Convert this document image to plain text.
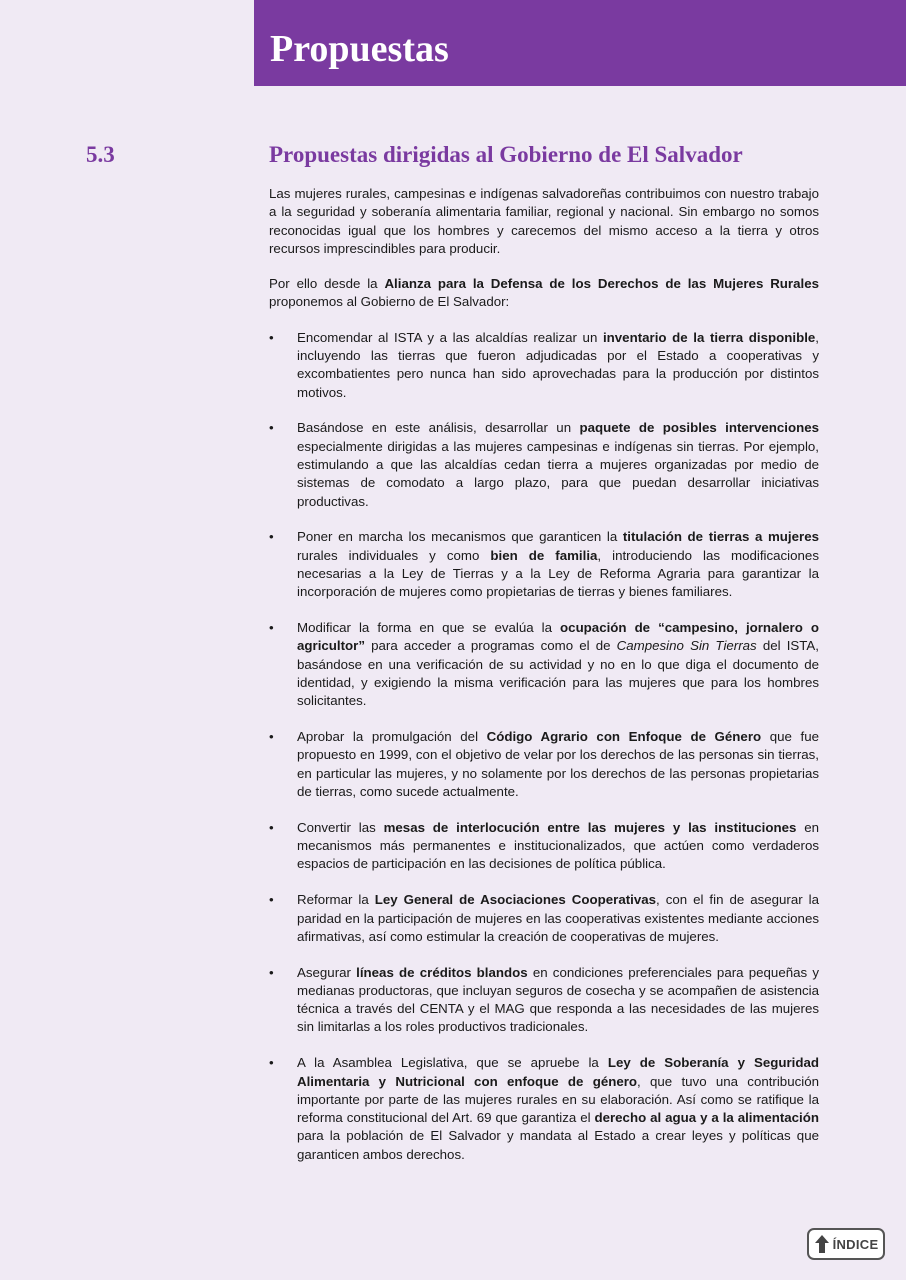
Propuestas
5.3	Propuestas dirigidas al Gobierno de El Salvador

Las mujeres rurales, campesinas e indígenas salvadoreñas contribuimos con nuestro trabajo a la seguridad y soberanía alimentaria familiar, regional y nacional. Sin embargo no somos reconocidas igual que los hombres y carecemos del mismo acceso a la tierra y otros recursos imprescindibles para producir.

Por ello desde la Alianza para la Defensa de los Derechos de las Mujeres Rurales proponemos al Gobierno de El Salvador:

• Encomendar al ISTA y a las alcaldías realizar un inventario de la tierra disponible, incluyendo las tierras que fueron adjudicadas por el Estado a cooperativas y excombatientes pero nunca han sido aprovechadas para la producción por distintos motivos.
• Basándose en este análisis, desarrollar un paquete de posibles intervenciones especialmente dirigidas a las mujeres campesinas e indígenas sin tierras. Por ejemplo, estimulando a que las alcaldías cedan tierra a mujeres organizadas por medio de sistemas de comodato a largo plazo, para que puedan desarrollar iniciativas productivas.
• Poner en marcha los mecanismos que garanticen la titulación de tierras a mujeres rurales individuales y como bien de familia, introduciendo las modificaciones necesarias a la Ley de Tierras y a la Ley de Reforma Agraria para garantizar la incorporación de mujeres como propietarias de tierras y bienes familiares.
• Modificar la forma en que se evalúa la ocupación de “campesino, jornalero o agricultor” para acceder a programas como el de Campesino Sin Tierras del ISTA, basándose en una verificación de su actividad y no en lo que diga el documento de identidad, y exigiendo la misma verificación para las mujeres que para los hombres solicitantes.
• Aprobar la promulgación del Código Agrario con Enfoque de Género que fue propuesto en 1999, con el objetivo de velar por los derechos de las personas sin tierras, en particular las mujeres, y no solamente por los derechos de las personas propietarias de tierras, como sucede actualmente.
• Convertir las mesas de interlocución entre las mujeres y las instituciones en mecanismos más permanentes e institucionalizados, que actúen como verdaderos espacios de participación en las decisiones de política pública.
• Reformar la Ley General de Asociaciones Cooperativas, con el fin de asegurar la paridad en la participación de mujeres en las cooperativas existentes mediante acciones afirmativas, así como estimular la creación de cooperativas de mujeres.
• Asegurar líneas de créditos blandos en condiciones preferenciales para pequeñas y medianas productoras, que incluyan seguros de cosecha y se acompañen de asistencia técnica a través del CENTA y el MAG que responda a las necesidades de las mujeres sin limitarlas a los roles productivos tradicionales.
• A la Asamblea Legislativa, que se apruebe la Ley de Soberanía y Seguridad Alimentaria y Nutricional con enfoque de género, que tuvo una contribución importante por parte de las mujeres rurales en su elaboración. Así como se ratifique la reforma constitucional del Art. 69 que garantiza el derecho al agua y a la alimentación para la población de El Salvador y mandata al Estado a crear leyes y políticas que garanticen ambos derechos.
ÍNDICE
